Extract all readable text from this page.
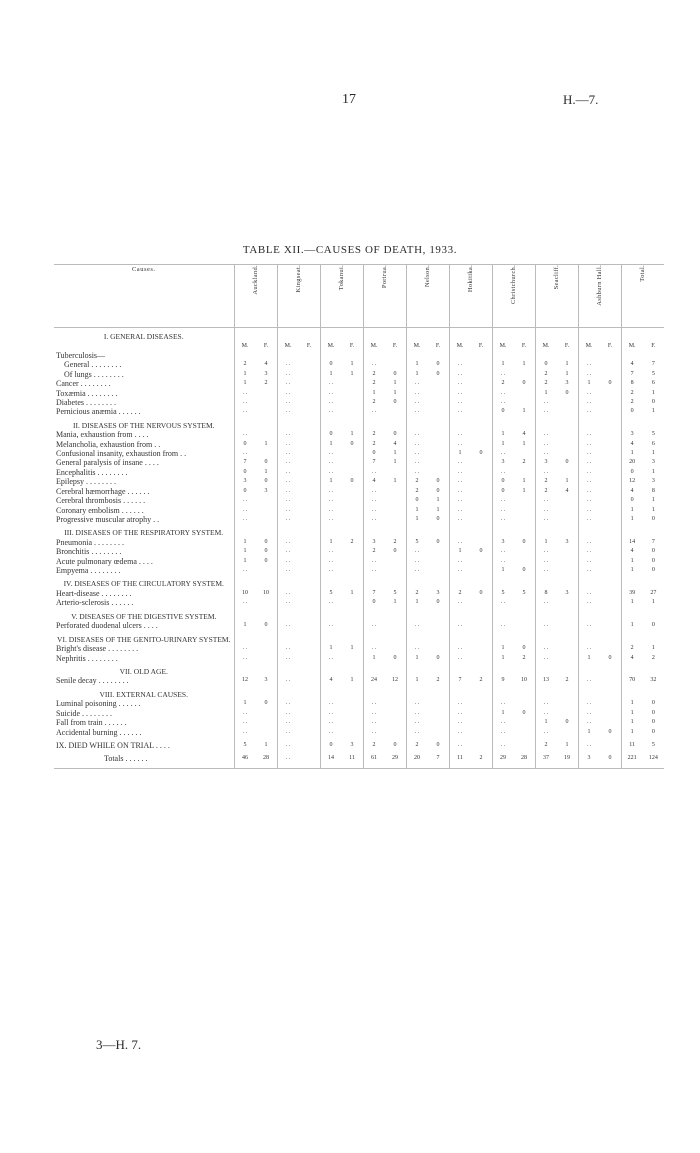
17	H.—7.
TABLE XII.—CAUSES OF DEATH, 1933.
Causes.	Auckland.	Kingseat.	Tokanui.	Porirua.	Nelson.	Hokitika.	Christchurch.	Seacliff.	Ashburn Hall.	Total.
I. GENERAL DISEASES.										

	M. F.	M. F.	M. F.	M. F.	M. F.	M. F.	M. F.	M. F.	M. F.	M. F.

Tuberculosis—	

General . . . . . . . .	2 4	. .	0 1	. .	1 0	. .	1 1	0 1	. .	4 7

Of lungs . . . . . . . .	1 3	. .	1 1	2 0	1 0	. .	. .	2 1	. .	7 5

Cancer . . . . . . . .	1 2	. .	. .	2 1	. .	. .	2 0	2 3	1 0	8 6

Toxæmia . . . . . . . .	. .	. .	. .	1 1	. .	. .	. .	1 0	. .	2 1

Diabetes . . . . . . . .	. .	. .	. .	2 0	. .	. .	. .	. .	. .	2 0

Pernicious anæmia . . . . . .	. .	. .	. .	. .	. .	. .	0 1	. .	. .	0 1

II. DISEASES OF THE NERVOUS SYSTEM.										
Mania, exhaustion from . . . .	. .	. .	0 1	2 0	. .	. .	1 4	. .	. .	3 5

Melancholia, exhaustion from . .	0 1	. .	1 0	2 4	. .	. .	1 1	. .	. .	4 6

Confusional insanity, exhaustion from . .	. .	. .	. .	0 1	. .	1 0	. .	. .	. .	1 1

General paralysis of insane . . . .	7 0	. .	. .	7 1	. .	. .	3 2	3 0	. .	20 3

Encephalitis . . . . . . . .	0 1	. .	. .	. .	. .	. .	. .	. .	. .	0 1

Epilepsy . . . . . . . .	3 0	. .	1 0	4 1	2 0	. .	0 1	2 1	. .	12 3

Cerebral hæmorrhage . . . . . .	0 3	. .	. .	. .	2 0	. .	0 1	2 4	. .	4 8

Cerebral thrombosis . . . . . .	. .	. .	. .	. .	0 1	. .	. .	. .	. .	0 1

Coronary embolism . . . . . .	. .	. .	. .	. .	1 1	. .	. .	. .	. .	1 1

Progressive muscular atrophy . .	. .	. .	. .	. .	1 0	. .	. .	. .	. .	1 0

III. DISEASES OF THE RESPIRATORY SYSTEM.										
Pneumonia . . . . . . . .	1 0	. .	1 2	3 2	5 0	. .	3 0	1 3	. .	14 7

Bronchitis . . . . . . . .	1 0	. .	. .	2 0	. .	1 0	. .	. .	. .	4 0

Acute pulmonary œdema . . . .	1 0	. .	. .	. .	. .	. .	. .	. .	. .	1 0

Empyema . . . . . . . .	. .	. .	. .	. .	. .	. .	1 0	. .	. .	1 0

IV. DISEASES OF THE CIRCULATORY SYSTEM.										
Heart-disease . . . . . . . .	10 10	. .	5 1	7 5	2 3	2 0	5 5	8 3	. .	39 27

Arterio-sclerosis . . . . . .	. .	. .	. .	0 1	1 0	. .	. .	. .	. .	1 1

V. DISEASES OF THE DIGESTIVE SYSTEM.										
Perforated duodenal ulcers . . . .	1 0	. .	. .	. .	. .	. .	. .	. .	. .	1 0

VI. DISEASES OF THE GENITO-URINARY SYSTEM.										
Bright's disease . . . . . . . .	. .	. .	1 1	. .	. .	. .	1 0	. .	. .	2 1

Nephritis . . . . . . . .	. .	. .	. .	1 0	1 0	. .	1 2	. .	1 0	4 2

VII. OLD AGE.										
Senile decay . . . . . . . .	12 3	. .	4 1	24 12	1 2	7 2	9 10	13 2	. .	70 32

VIII. EXTERNAL CAUSES.										
Luminal poisoning . . . . . .	1 0	. .	. .	. .	. .	. .	. .	. .	. .	1 0

Suicide . . . . . . . .	. .	. .	. .	. .	. .	. .	1 0	. .	. .	1 0

Fall from train . . . . . .	. .	. .	. .	. .	. .	. .	. .	1 0	. .	1 0

Accidental burning . . . . . .	. .	. .	. .	. .	. .	. .	. .	. .	1 0	1 0

IX. DIED WHILE ON TRIAL . . . .	5 1	. .	0 3	2 0	2 0	. .	. .	2 1	. .	11 5

Totals . . . . . .	46 28	. .	14 11	61 29	20 7	11 2	29 28	37 19	3 0	221 124

3—H. 7.
